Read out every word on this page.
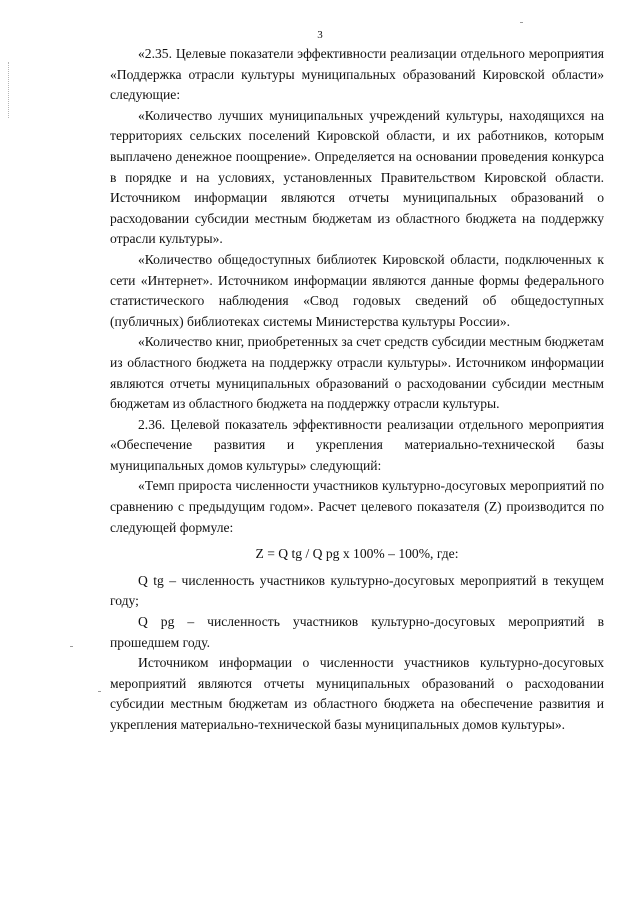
3

«2.35. Целевые показатели эффективности реализации отдельного мероприятия «Поддержка отрасли культуры муниципальных образований Кировской области» следующие:

«Количество лучших муниципальных учреждений культуры, находящихся на территориях сельских поселений Кировской области, и их работников, которым выплачено денежное поощрение». Определяется на основании проведения конкурса в порядке и на условиях, установленных Правительством Кировской области. Источником информации являются отчеты муниципальных образований о расходовании субсидии местным бюджетам из областного бюджета на поддержку отрасли культуры».

«Количество общедоступных библиотек Кировской области, подключенных к сети «Интернет». Источником информации являются данные формы федерального статистического наблюдения «Свод годовых сведений об общедоступных (публичных) библиотеках системы Министерства культуры России».

«Количество книг, приобретенных за счет средств субсидии местным бюджетам из областного бюджета на поддержку отрасли культуры». Источником информации являются отчеты муниципальных образований о расходовании субсидии местным бюджетам из областного бюджета на поддержку отрасли культуры.

2.36. Целевой показатель эффективности реализации отдельного мероприятия «Обеспечение развития и укрепления материально-технической базы муниципальных домов культуры» следующий:

«Темп прироста численности участников культурно-досуговых мероприятий по сравнению с предыдущим годом». Расчет целевого показателя (Z) производится по следующей формуле:

Z = Q tg / Q pg x 100% – 100%, где:

Q tg – численность участников культурно-досуговых мероприятий в текущем году;

Q pg – численность участников культурно-досуговых мероприятий в прошедшем году.

Источником информации о численности участников культурно-досуговых мероприятий являются отчеты муниципальных образований о расходовании субсидии местным бюджетам из областного бюджета на обеспечение развития и укрепления материально-технической базы муниципальных домов культуры».
